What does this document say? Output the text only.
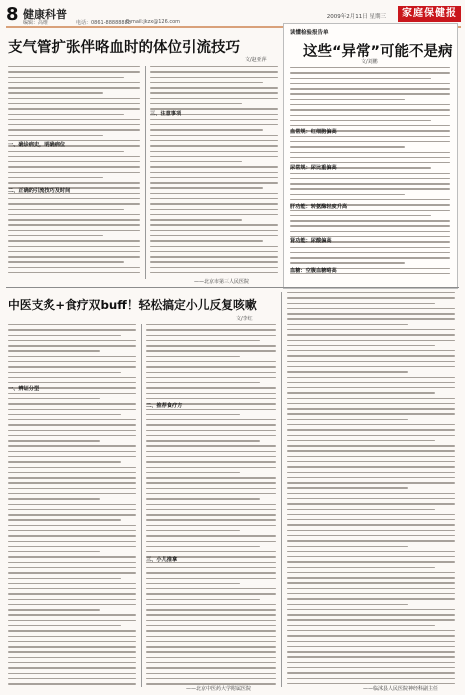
8 健康科普
编辑：高维	电话：0861-88888888
E-mail:jkzx@126.com
2009年2月11日 星期三	家庭保健报
支气管扩张伴咯血时的体位引流技巧
文/赵亚萍
一、确诊病史，明确病位
二、正确的引流技巧及时间
三、注意事项
——北京市第三人民医院
读懂检验报告单
这些“异常”可能不是病
文/刘鹏
血常规：红细胞偏高
尿常规：尿比重偏高
肝功能：转氨酶轻度升高
肾功能：尿酸偏高
血糖：空腹血糖略高
中医支炙+食疗双buff！轻松搞定小儿反复咳嗽
文/李红
一、辨证分型
二、推荐食疗方
三、小儿推拿
——北京中医药大学附属医院	——临沭县人民医院神经科副主任
